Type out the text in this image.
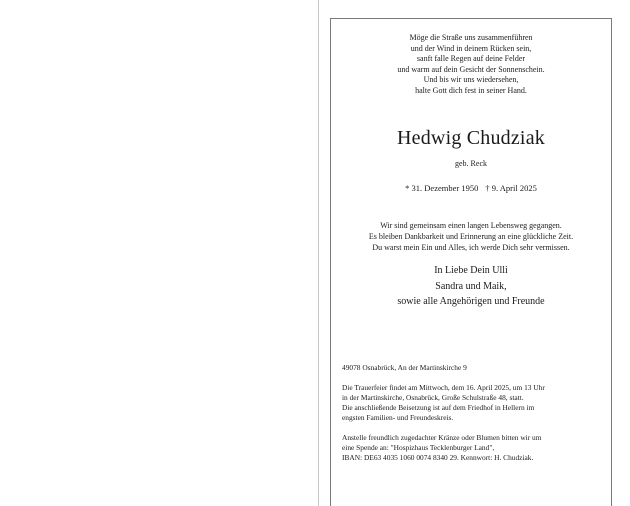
Möge die Straße uns zusammenführen
und der Wind in deinem Rücken sein,
sanft falle Regen auf deine Felder
und warm auf dein Gesicht der Sonnenschein.
Und bis wir uns wiedersehen,
halte Gott dich fest in seiner Hand.
Hedwig Chudziak
geb. Reck
* 31. Dezember 1950 † 9. April 2025
Wir sind gemeinsam einen langen Lebensweg gegangen.
Es bleiben Dankbarkeit und Erinnerung an eine glückliche Zeit.
Du warst mein Ein und Alles, ich werde Dich sehr vermissen.
In Liebe Dein Ulli
Sandra und Maik,
sowie alle Angehörigen und Freunde
49078 Osnabrück, An der Martinskirche 9
Die Trauerfeier findet am Mittwoch, dem 16. April 2025, um 13 Uhr
in der Martinskirche, Osnabrück, Große Schulstraße 48, statt.
Die anschließende Beisetzung ist auf dem Friedhof in Hellern im
engsten Familien- und Freundeskreis.
Anstelle freundlich zugedachter Kränze oder Blumen bitten wir um
eine Spende an: "Hospizhaus Tecklenburger Land",
IBAN: DE63 4035 1060 0074 8340 29. Kennwort: H. Chudziak.
